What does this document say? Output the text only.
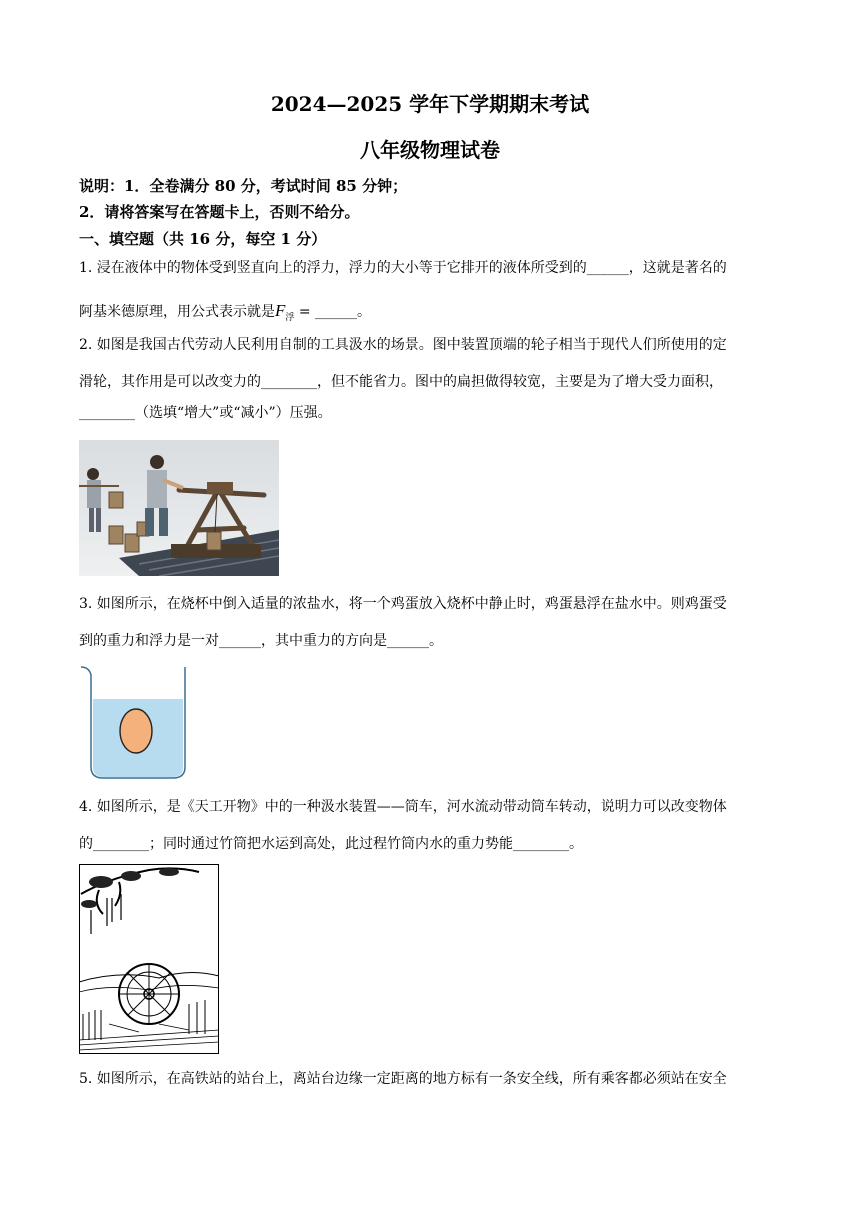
2024—2025 学年下学期期末考试
八年级物理试卷
说明：1．全卷满分 80 分，考试时间 85 分钟；
2．请将答案写在答题卡上，否则不给分。
一、填空题（共 16 分，每空 1 分）
1. 浸在液体中的物体受到竖直向上的浮力，浮力的大小等于它排开的液体所受到的______，这就是著名的
阿基米德原理，用公式表示就是$F_浮$ = ______。
2. 如图是我国古代劳动人民利用自制的工具汲水的场景。图中装置顶端的轮子相当于现代人们所使用的定
滑轮，其作用是可以改变力的________，但不能省力。图中的扁担做得较宽，主要是为了增大受力面积，
________（选填“增大”或“减小”）压强。
3. 如图所示，在烧杯中倒入适量的浓盐水，将一个鸡蛋放入烧杯中静止时，鸡蛋悬浮在盐水中。则鸡蛋受
到的重力和浮力是一对______，其中重力的方向是______。
4. 如图所示，是《天工开物》中的一种汲水装置——筒车，河水流动带动筒车转动，说明力可以改变物体
的________；同时通过竹筒把水运到高处，此过程竹筒内水的重力势能________。
5. 如图所示，在高铁站的站台上，离站台边缘一定距离的地方标有一条安全线，所有乘客都必须站在安全
